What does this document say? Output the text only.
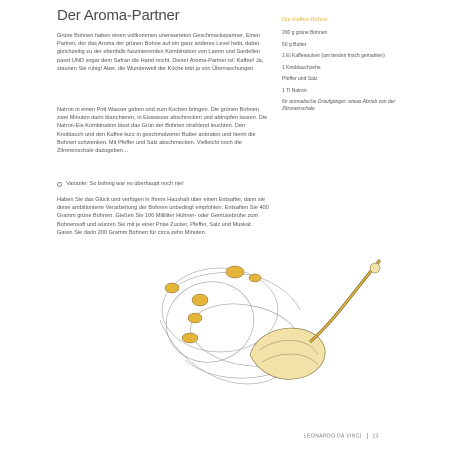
Der Aroma-Partner

Grüne Bohnen haben einen vollkommen unerwarteten Geschmackspartner. Einen Partner, der das Aroma der grünen Bohne auf ein ganz anderes Level hebt, dabei gleichzeitig zu der ebenfalls faszinierenden Kombination von Lamm und Sardellen passt UND sogar dem Safran die Hand reicht. Dieser Aroma-Partner ist: Kaffee! Ja, staunen Sie ruhig! Aber, die Wunderwelt der Küche lebt ja von Überraschungen.

Natron in einen Pott Wasser geben und zum Kochen bringen. Die grünen Bohnen zwei Minuten darin blanchieren, in Eiswasser abschrecken und abtropfen lassen. Die Natron-Eis-Kombination lässt das Grün der Bohnen strahlend leuchten. Den Knoblauch und den Kaffee kurz in geschmolzener Butter anbraten und hierin die Bohnen schwenken. Mit Pfeffer und Salz abschmecken. Vielleicht noch die Zitronenschale dazugeben…

Variante: So bohnig war es überhaupt noch nie!

Haben Sie das Glück und verfügen in Ihrem Haushalt über einen Entsafter, dann sie diese ambitionierte Verarbeitung der Bohnen unbedingt empfohlen: Entsaften Sie 400 Gramm grüne Bohnen. Gießen Sie 100 Milliliter Hühner- oder Gemüsebrühe zum Bohnensaft und würzen Sie mit je einer Prise Zucker, Pfeffer, Salz und Muskat. Garen Sie darin 200 Gramm Bohnen für circa zehn Minuten.

Die Kaffee-Bohne
200 g grüne Bohnen
50 g Butter
1 El Kaffeepulver (am besten frisch gemahlen)
1 Knoblauchzehe
Pfeffer und Salz
1 Tl Natron
für aromatische Draufgänger: etwas Abrieb von der Zitronenschale
LEONARDO DA VINCI 13
